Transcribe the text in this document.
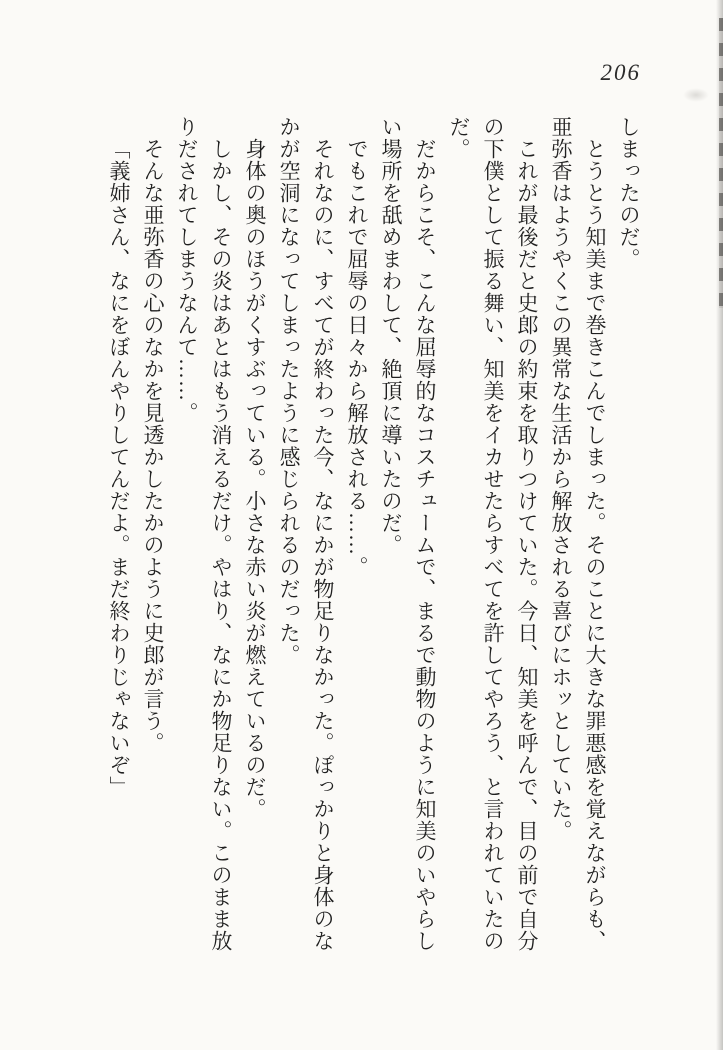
206

しまったのだ。

とうとう知美まで巻きこんでしまった。そのことに大きな罪悪感を覚えながらも、亜弥香はようやくこの異常な生活から解放される喜びにホッとしていた。

これが最後だと史郎の約束を取りつけていた。今日、知美を呼んで、目の前で自分の下僕として振る舞い、知美をイカせたらすべてを許してやろう、と言われていたのだ。

だからこそ、こんな屈辱的なコスチュームで、まるで動物のように知美のいやらしい場所を舐めまわして、絶頂に導いたのだ。

でもこれで屈辱の日々から解放される……。

それなのに、すべてが終わった今、なにかが物足りなかった。ぽっかりと身体のなかが空洞になってしまったように感じられるのだった。

身体の奥のほうがくすぶっている。小さな赤い炎が燃えているのだ。

しかし、その炎はあとはもう消えるだけ。やはり、なにか物足りない。このまま放りだされてしまうなんて……。

そんな亜弥香の心のなかを見透かしたかのように史郎が言う。

「義姉さん、なにをぼんやりしてんだよ。まだ終わりじゃないぞ」
